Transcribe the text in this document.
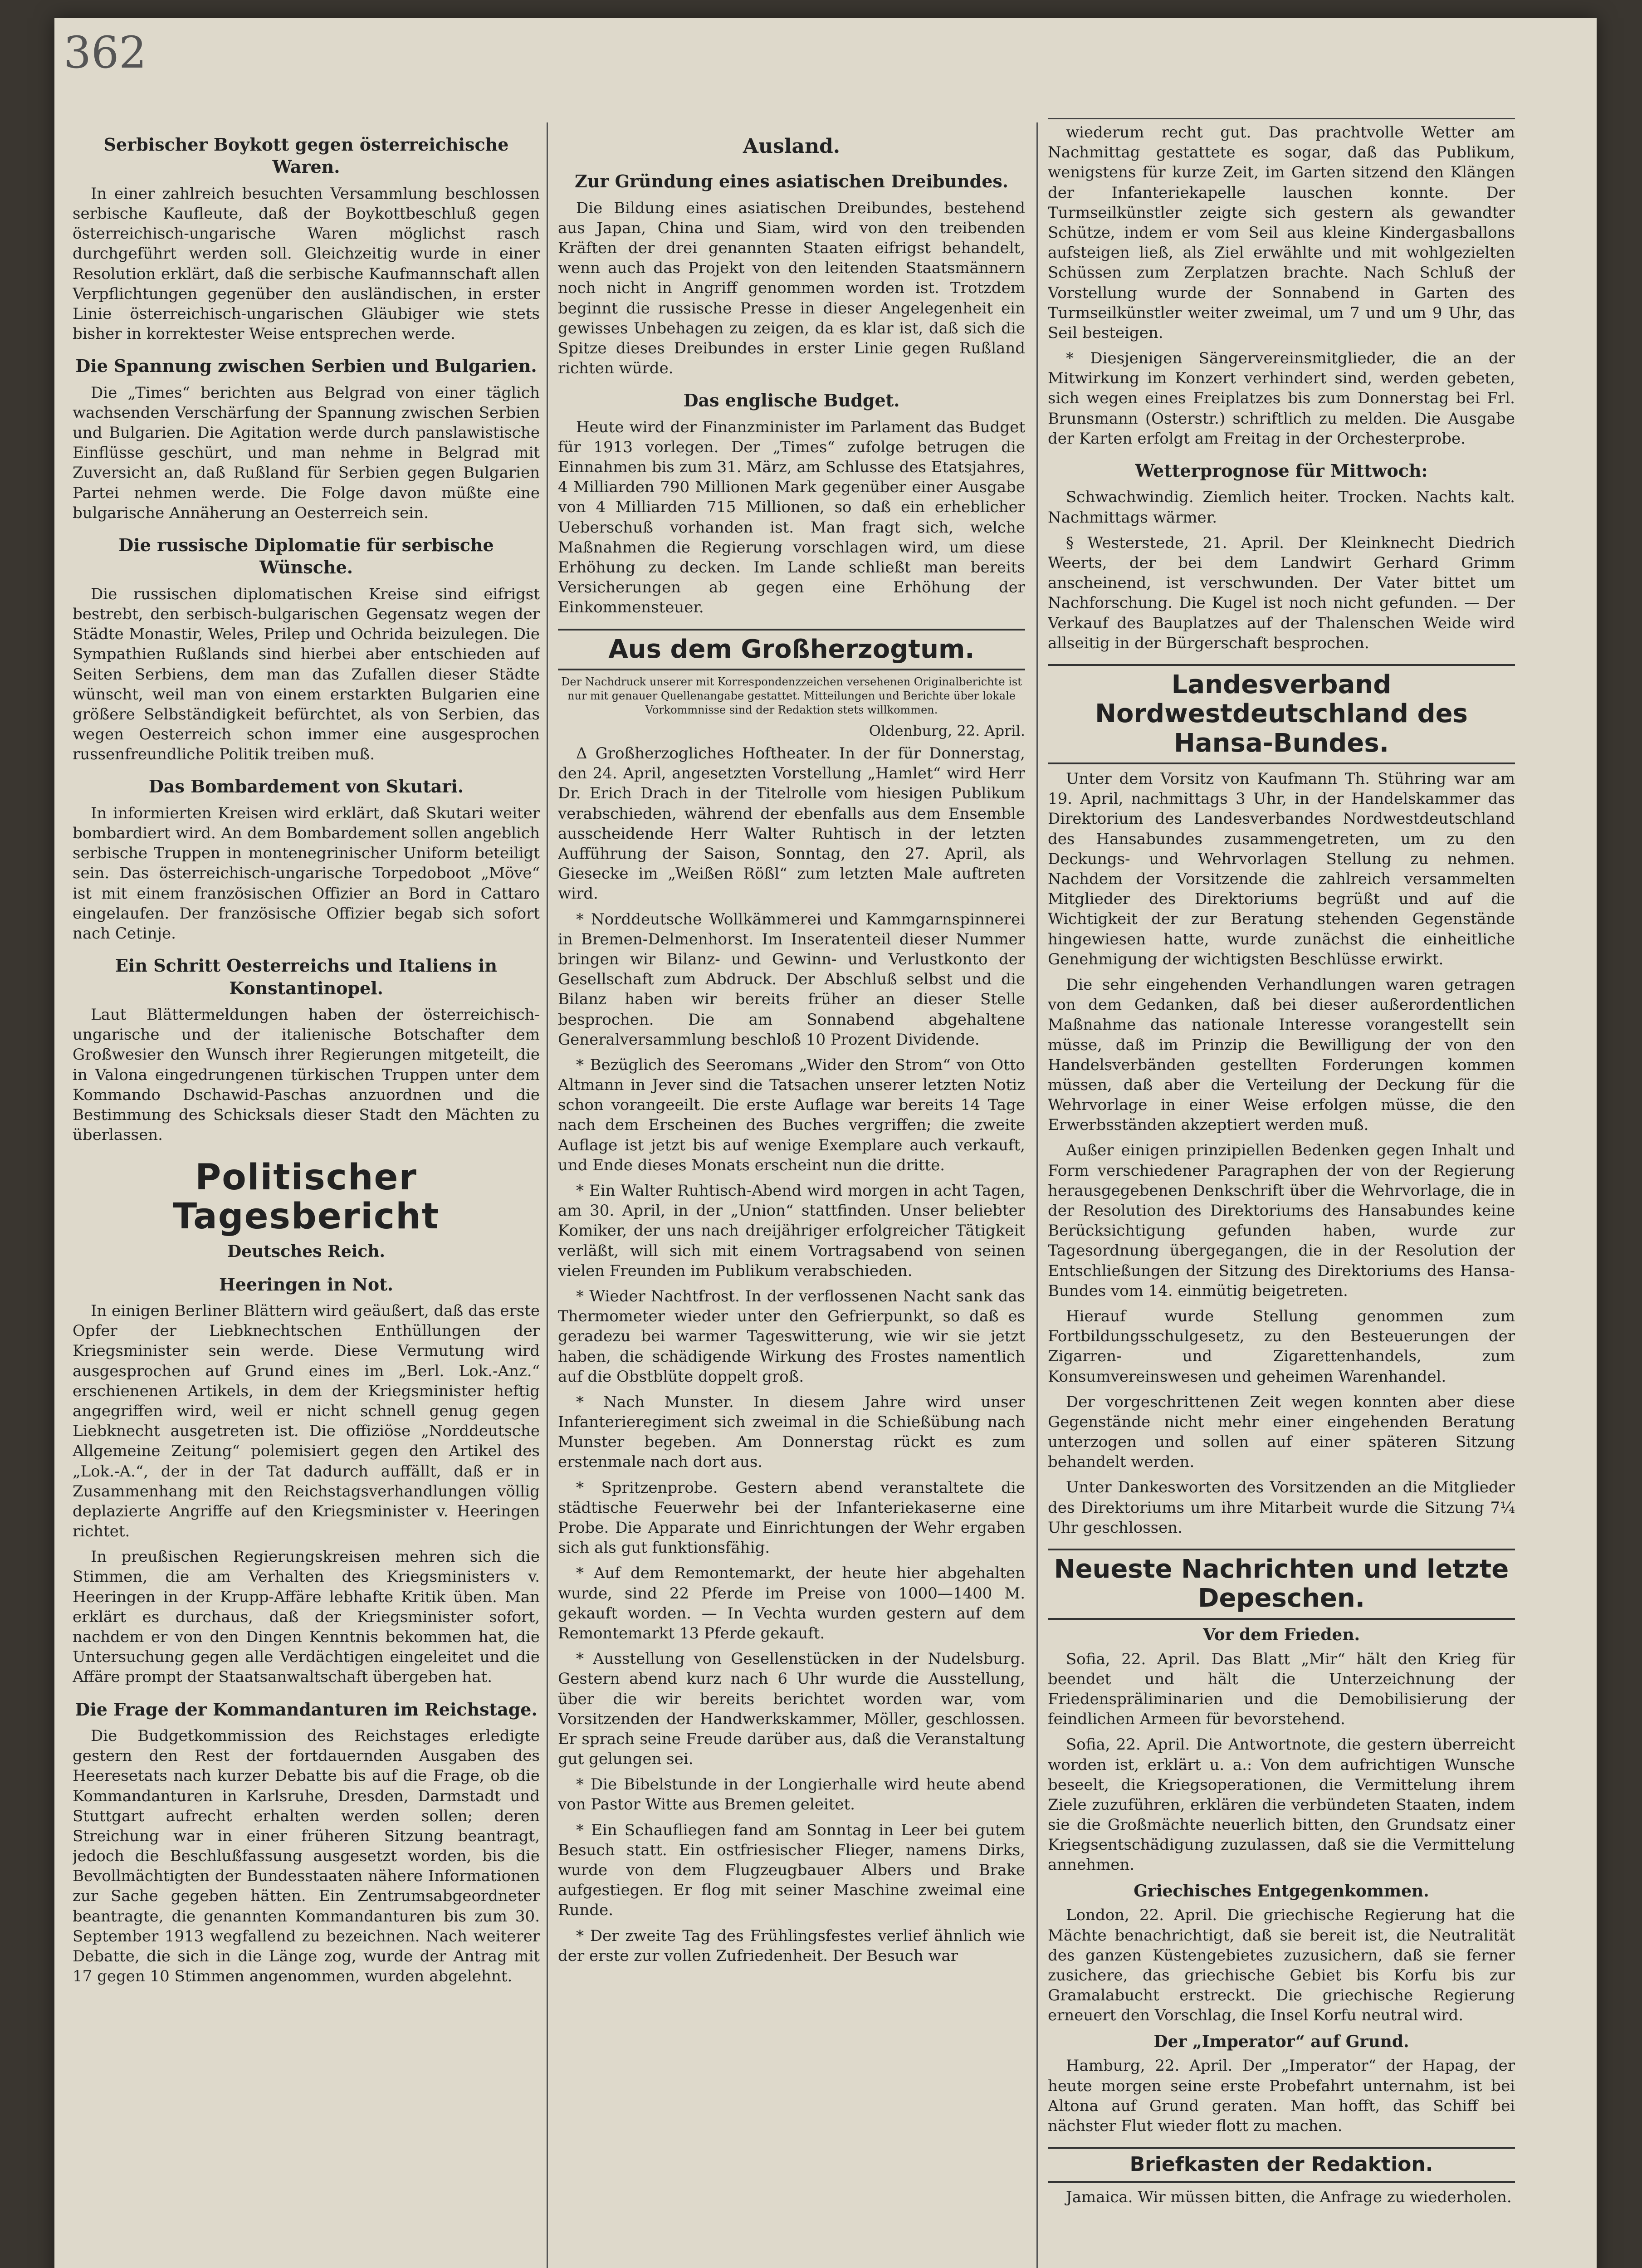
362
Serbischer Boykott gegen österreichische Waren.

In einer zahlreich besuchten Versammlung beschlossen serbische Kaufleute, daß der Boykottbeschluß gegen österreichisch-ungarische Waren möglichst rasch durchgeführt werden soll. Gleichzeitig wurde in einer Resolution erklärt, daß die serbische Kaufmannschaft allen Verpflichtungen gegenüber den ausländischen, in erster Linie österreichisch-ungarischen Gläubiger wie stets bisher in korrektester Weise entsprechen werde.

Die Spannung zwischen Serbien und Bulgarien.

Die „Times“ berichten aus Belgrad von einer täglich wachsenden Verschärfung der Spannung zwischen Serbien und Bulgarien. Die Agitation werde durch panslawistische Einflüsse geschürt, und man nehme in Belgrad mit Zuversicht an, daß Rußland für Serbien gegen Bulgarien Partei nehmen werde. Die Folge davon müßte eine bulgarische Annäherung an Oesterreich sein.

Die russische Diplomatie für serbische Wünsche.

Die russischen diplomatischen Kreise sind eifrigst bestrebt, den serbisch-bulgarischen Gegensatz wegen der Städte Monastir, Weles, Prilep und Ochrida beizulegen. Die Sympathien Rußlands sind hierbei aber entschieden auf Seiten Serbiens, dem man das Zufallen dieser Städte wünscht, weil man von einem erstarkten Bulgarien eine größere Selbständigkeit befürchtet, als von Serbien, das wegen Oesterreich schon immer eine ausgesprochen russenfreundliche Politik treiben muß.

Das Bombardement von Skutari.

In informierten Kreisen wird erklärt, daß Skutari weiter bombardiert wird. An dem Bombardement sollen angeblich serbische Truppen in montenegrinischer Uniform beteiligt sein. Das österreichisch-ungarische Torpedoboot „Möve“ ist mit einem französischen Offizier an Bord in Cattaro eingelaufen. Der französische Offizier begab sich sofort nach Cetinje.

Ein Schritt Oesterreichs und Italiens in Konstantinopel.

Laut Blättermeldungen haben der österreichisch-ungarische und der italienische Botschafter dem Großwesier den Wunsch ihrer Regierungen mitgeteilt, die in Valona eingedrungenen türkischen Truppen unter dem Kommando Dschawid-Paschas anzuordnen und die Bestimmung des Schicksals dieser Stadt den Mächten zu überlassen.

Politischer Tagesbericht
Deutsches Reich.
Heeringen in Not.

In einigen Berliner Blättern wird geäußert, daß das erste Opfer der Liebknechtschen Enthüllungen der Kriegsminister sein werde. Diese Vermutung wird ausgesprochen auf Grund eines im „Berl. Lok.-Anz.“ erschienenen Artikels, in dem der Kriegsminister heftig angegriffen wird, weil er nicht schnell genug gegen Liebknecht ausgetreten ist. Die offiziöse „Norddeutsche Allgemeine Zeitung“ polemisiert gegen den Artikel des „Lok.-A.“, der in der Tat dadurch auffällt, daß er in Zusammenhang mit den Reichstagsverhandlungen völlig deplazierte Angriffe auf den Kriegsminister v. Heeringen richtet.

In preußischen Regierungskreisen mehren sich die Stimmen, die am Verhalten des Kriegsministers v. Heeringen in der Krupp-Affäre lebhafte Kritik üben. Man erklärt es durchaus, daß der Kriegsminister sofort, nachdem er von den Dingen Kenntnis bekommen hat, die Untersuchung gegen alle Verdächtigen eingeleitet und die Affäre prompt der Staatsanwaltschaft übergeben hat.

Die Frage der Kommandanturen im Reichstage.

Die Budgetkommission des Reichstages erledigte gestern den Rest der fortdauernden Ausgaben des Heeresetats nach kurzer Debatte bis auf die Frage, ob die Kommandanturen in Karlsruhe, Dresden, Darmstadt und Stuttgart aufrecht erhalten werden sollen; deren Streichung war in einer früheren Sitzung beantragt, jedoch die Beschlußfassung ausgesetzt worden, bis die Bevollmächtigten der Bundesstaaten nähere Informationen zur Sache gegeben hätten. Ein Zentrumsabgeordneter beantragte, die genannten Kommandanturen bis zum 30. September 1913 wegfallend zu bezeichnen. Nach weiterer Debatte, die sich in die Länge zog, wurde der Antrag mit 17 gegen 10 Stimmen angenommen, wurden abgelehnt.

Ausland.
Zur Gründung eines asiatischen Dreibundes.

Die Bildung eines asiatischen Dreibundes, bestehend aus Japan, China und Siam, wird von den treibenden Kräften der drei genannten Staaten eifrigst behandelt, wenn auch das Projekt von den leitenden Staatsmännern noch nicht in Angriff genommen worden ist. Trotzdem beginnt die russische Presse in dieser Angelegenheit ein gewisses Unbehagen zu zeigen, da es klar ist, daß sich die Spitze dieses Dreibundes in erster Linie gegen Rußland richten würde.

Das englische Budget.

Heute wird der Finanzminister im Parlament das Budget für 1913 vorlegen. Der „Times“ zufolge betrugen die Einnahmen bis zum 31. März, am Schlusse des Etatsjahres, 4 Milliarden 790 Millionen Mark gegenüber einer Ausgabe von 4 Milliarden 715 Millionen, so daß ein erheblicher Ueberschuß vorhanden ist. Man fragt sich, welche Maßnahmen die Regierung vorschlagen wird, um diese Erhöhung zu decken. Im Lande schließt man bereits Versicherungen ab gegen eine Erhöhung der Einkommensteuer.

Aus dem Großherzogtum.
Der Nachdruck unserer mit Korrespondenzzeichen versehenen Originalberichte ist nur mit genauer Quellenangabe gestattet. Mitteilungen und Berichte über lokale Vorkommnisse sind der Redaktion stets willkommen.
Oldenburg, 22. April.

Δ Großherzogliches Hoftheater. In der für Donnerstag, den 24. April, angesetzten Vorstellung „Hamlet“ wird Herr Dr. Erich Drach in der Titelrolle vom hiesigen Publikum verabschieden, während der ebenfalls aus dem Ensemble ausscheidende Herr Walter Ruhtisch in der letzten Aufführung der Saison, Sonntag, den 27. April, als Giesecke im „Weißen Rößl“ zum letzten Male auftreten wird.

* Norddeutsche Wollkämmerei und Kammgarnspinnerei in Bremen-Delmenhorst. Im Inseratenteil dieser Nummer bringen wir Bilanz- und Gewinn- und Verlustkonto der Gesellschaft zum Abdruck. Der Abschluß selbst und die Bilanz haben wir bereits früher an dieser Stelle besprochen. Die am Sonnabend abgehaltene Generalversammlung beschloß 10 Prozent Dividende.

* Bezüglich des Seeromans „Wider den Strom“ von Otto Altmann in Jever sind die Tatsachen unserer letzten Notiz schon vorangeeilt. Die erste Auflage war bereits 14 Tage nach dem Erscheinen des Buches vergriffen; die zweite Auflage ist jetzt bis auf wenige Exemplare auch verkauft, und Ende dieses Monats erscheint nun die dritte.

* Ein Walter Ruhtisch-Abend wird morgen in acht Tagen, am 30. April, in der „Union“ stattfinden. Unser beliebter Komiker, der uns nach dreijähriger erfolgreicher Tätigkeit verläßt, will sich mit einem Vortragsabend von seinen vielen Freunden im Publikum verabschieden.

* Wieder Nachtfrost. In der verflossenen Nacht sank das Thermometer wieder unter den Gefrierpunkt, so daß es geradezu bei warmer Tageswitterung, wie wir sie jetzt haben, die schädigende Wirkung des Frostes namentlich auf die Obstblüte doppelt groß.

* Nach Munster. In diesem Jahre wird unser Infanterieregiment sich zweimal in die Schießübung nach Munster begeben. Am Donnerstag rückt es zum erstenmale nach dort aus.

* Spritzenprobe. Gestern abend veranstaltete die städtische Feuerwehr bei der Infanteriekaserne eine Probe. Die Apparate und Einrichtungen der Wehr ergaben sich als gut funktionsfähig.

* Auf dem Remontemarkt, der heute hier abgehalten wurde, sind 22 Pferde im Preise von 1000—1400 M. gekauft worden. — In Vechta wurden gestern auf dem Remontemarkt 13 Pferde gekauft.

* Ausstellung von Gesellenstücken in der Nudelsburg. Gestern abend kurz nach 6 Uhr wurde die Ausstellung, über die wir bereits berichtet worden war, vom Vorsitzenden der Handwerkskammer, Möller, geschlossen. Er sprach seine Freude darüber aus, daß die Veranstaltung gut gelungen sei.

* Die Bibelstunde in der Longierhalle wird heute abend von Pastor Witte aus Bremen geleitet.

* Ein Schaufliegen fand am Sonntag in Leer bei gutem Besuch statt. Ein ostfriesischer Flieger, namens Dirks, wurde von dem Flugzeugbauer Albers und Brake aufgestiegen. Er flog mit seiner Maschine zweimal eine Runde.

* Der zweite Tag des Frühlingsfestes verlief ähnlich wie der erste zur vollen Zufriedenheit. Der Besuch war

wiederum recht gut. Das prachtvolle Wetter am Nachmittag gestattete es sogar, daß das Publikum, wenigstens für kurze Zeit, im Garten sitzend den Klängen der Infanteriekapelle lauschen konnte. Der Turmseilkünstler zeigte sich gestern als gewandter Schütze, indem er vom Seil aus kleine Kindergasballons aufsteigen ließ, als Ziel erwählte und mit wohlgezielten Schüssen zum Zerplatzen brachte. Nach Schluß der Vorstellung wurde der Sonnabend in Garten des Turmseilkünstler weiter zweimal, um 7 und um 9 Uhr, das Seil besteigen.

* Diesjenigen Sängervereinsmitglieder, die an der Mitwirkung im Konzert verhindert sind, werden gebeten, sich wegen eines Freiplatzes bis zum Donnerstag bei Frl. Brunsmann (Osterstr.) schriftlich zu melden. Die Ausgabe der Karten erfolgt am Freitag in der Orchesterprobe.

Wetterprognose für Mittwoch:

Schwachwindig. Ziemlich heiter. Trocken. Nachts kalt. Nachmittags wärmer.

§ Westerstede, 21. April. Der Kleinknecht Diedrich Weerts, der bei dem Landwirt Gerhard Grimm anscheinend, ist verschwunden. Der Vater bittet um Nachforschung. Die Kugel ist noch nicht gefunden. — Der Verkauf des Bauplatzes auf der Thalenschen Weide wird allseitig in der Bürgerschaft besprochen.

Landesverband Nordwestdeutschland des Hansa-Bundes.

Unter dem Vorsitz von Kaufmann Th. Stühring war am 19. April, nachmittags 3 Uhr, in der Handelskammer das Direktorium des Landesverbandes Nordwestdeutschland des Hansabundes zusammengetreten, um zu den Deckungs- und Wehrvorlagen Stellung zu nehmen. Nachdem der Vorsitzende die zahlreich versammelten Mitglieder des Direktoriums begrüßt und auf die Wichtigkeit der zur Beratung stehenden Gegenstände hingewiesen hatte, wurde zunächst die einheitliche Genehmigung der wichtigsten Beschlüsse erwirkt.

Die sehr eingehenden Verhandlungen waren getragen von dem Gedanken, daß bei dieser außerordentlichen Maßnahme das nationale Interesse vorangestellt sein müsse, daß im Prinzip die Bewilligung der von den Handelsverbänden gestellten Forderungen kommen müssen, daß aber die Verteilung der Deckung für die Wehrvorlage in einer Weise erfolgen müsse, die den Erwerbsständen akzeptiert werden muß.

Außer einigen prinzipiellen Bedenken gegen Inhalt und Form verschiedener Paragraphen der von der Regierung herausgegebenen Denkschrift über die Wehrvorlage, die in der Resolution des Direktoriums des Hansabundes keine Berücksichtigung gefunden haben, wurde zur Tagesordnung übergegangen, die in der Resolution der Entschließungen der Sitzung des Direktoriums des Hansa-Bundes vom 14. einmütig beigetreten.

Hierauf wurde Stellung genommen zum Fortbildungsschulgesetz, zu den Besteuerungen der Zigarren- und Zigarettenhandels, zum Konsumvereinswesen und geheimen Warenhandel.

Der vorgeschrittenen Zeit wegen konnten aber diese Gegenstände nicht mehr einer eingehenden Beratung unterzogen und sollen auf einer späteren Sitzung behandelt werden.

Unter Dankesworten des Vorsitzenden an die Mitglieder des Direktoriums um ihre Mitarbeit wurde die Sitzung 7¼ Uhr geschlossen.

Neueste Nachrichten und letzte Depeschen.
Vor dem Frieden.

Sofia, 22. April. Das Blatt „Mir“ hält den Krieg für beendet und hält die Unterzeichnung der Friedenspräliminarien und die Demobilisierung der feindlichen Armeen für bevorstehend.

Sofia, 22. April. Die Antwortnote, die gestern überreicht worden ist, erklärt u. a.: Von dem aufrichtigen Wunsche beseelt, die Kriegsoperationen, die Vermittelung ihrem Ziele zuzuführen, erklären die verbündeten Staaten, indem sie die Großmächte neuerlich bitten, den Grundsatz einer Kriegsentschädigung zuzulassen, daß sie die Vermittelung annehmen.

Griechisches Entgegenkommen.

London, 22. April. Die griechische Regierung hat die Mächte benachrichtigt, daß sie bereit ist, die Neutralität des ganzen Küstengebietes zuzusichern, daß sie ferner zusichere, das griechische Gebiet bis Korfu bis zur Gramalabucht erstreckt. Die griechische Regierung erneuert den Vorschlag, die Insel Korfu neutral wird.

Der „Imperator“ auf Grund.

Hamburg, 22. April. Der „Imperator“ der Hapag, der heute morgen seine erste Probefahrt unternahm, ist bei Altona auf Grund geraten. Man hofft, das Schiff bei nächster Flut wieder flott zu machen.

Briefkasten der Redaktion.

Jamaica. Wir müssen bitten, die Anfrage zu wiederholen.
